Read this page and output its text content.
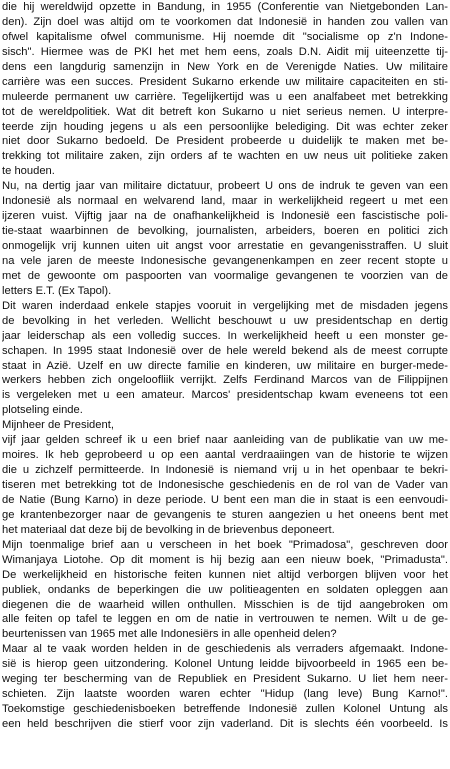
die hij wereldwijd opzette in Bandung, in 1955 (Conferentie van Nietgebonden Lan-
den). Zijn doel was altijd om te voorkomen dat Indonesië in handen zou vallen van
ofwel kapitalisme ofwel communisme. Hij noemde dit "socialisme op z'n Indone-
sisch". Hiermee was de PKI het met hem eens, zoals D.N. Aidit mij uiteenzette tij-
dens een langdurig samenzijn in New York en de Verenigde Naties. Uw militaire
carrière was een succes. President Sukarno erkende uw militaire capaciteiten en sti-
muleerde permanent uw carrière. Tegelijkertijd was u een analfabeet met betrekking
tot de wereldpolitiek. Wat dit betreft kon Sukarno u niet serieus nemen. U interpre-
teerde zijn houding jegens u als een persoonlijke belediging. Dit was echter zeker
niet door Sukarno bedoeld. De President probeerde u duidelijk te maken met be-
trekking tot militaire zaken, zijn orders af te wachten en uw neus uit politieke zaken
te houden.
Nu, na dertig jaar van militaire dictatuur, probeert U ons de indruk te geven van een
Indonesië als normaal en welvarend land, maar in werkelijkheid regeert u met een
ijzeren vuist. Vijftig jaar na de onafhankelijkheid is Indonesië een fascistische poli-
tie-staat waarbinnen de bevolking, journalisten, arbeiders, boeren en politici zich
onmogelijk vrij kunnen uiten uit angst voor arrestatie en gevangenisstraffen. U sluit
na vele jaren de meeste Indonesische gevangenenkampen en zeer recent stopte u
met de gewoonte om paspoorten van voormalige gevangenen te voorzien van de
letters E.T. (Ex Tapol).
Dit waren inderdaad enkele stapjes vooruit in vergelijking met de misdaden jegens
de bevolking in het verleden. Wellicht beschouwt u uw presidentschap en dertig
jaar leiderschap als een volledig succes. In werkelijkheid heeft u een monster ge-
schapen. In 1995 staat Indonesië over de hele wereld bekend als de meest corrupte
staat in Azië. Uzelf en uw directe familie en kinderen, uw militaire en burger-mede-
werkers hebben zich ongeloofliik verrijkt. Zelfs Ferdinand Marcos van de Filippijnen
is vergeleken met u een amateur. Marcos' presidentschap kwam eveneens tot een
plotseling einde.
Mijnheer de President,
vijf jaar gelden schreef ik u een brief naar aanleiding van de publikatie van uw me-
moires. Ik heb geprobeerd u op een aantal verdraaiingen van de historie te wijzen
die u zichzelf permitteerde. In Indonesië is niemand vrij u in het openbaar te bekri-
tiseren met betrekking tot de Indonesische geschiedenis en de rol van de Vader van
de Natie (Bung Karno) in deze periode. U bent een man die in staat is een eenvoudi-
ge krantenbezorger naar de gevangenis te sturen aangezien u het oneens bent met
het materiaal dat deze bij de bevolking in de brievenbus deponeert.
Mijn toenmalige brief aan u verscheen in het boek "Primadosa", geschreven door
Wimanjaya Liotohe. Op dit moment is hij bezig aan een nieuw boek, "Primadusta".
De werkelijkheid en historische feiten kunnen niet altijd verborgen blijven voor het
publiek, ondanks de beperkingen die uw politieagenten en soldaten opleggen aan
diegenen die de waarheid willen onthullen. Misschien is de tijd aangebroken om
alle feiten op tafel te leggen en om de natie in vertrouwen te nemen. Wilt u de ge-
beurtenissen van 1965 met alle Indonesiërs in alle openheid delen?
Maar al te vaak worden helden in de geschiedenis als verraders afgemaakt. Indone-
sië is hierop geen uitzondering. Kolonel Untung leidde bijvoorbeeld in 1965 een be-
weging ter bescherming van de Republiek en President Sukarno. U liet hem neer-
schieten. Zijn laatste woorden waren echter "Hidup (lang leve) Bung Karno!".
Toekomstige geschiedenisboeken betreffende Indonesië zullen Kolonel Untung als
een held beschrijven die stierf voor zijn vaderland. Dit is slechts één voorbeeld. Is
